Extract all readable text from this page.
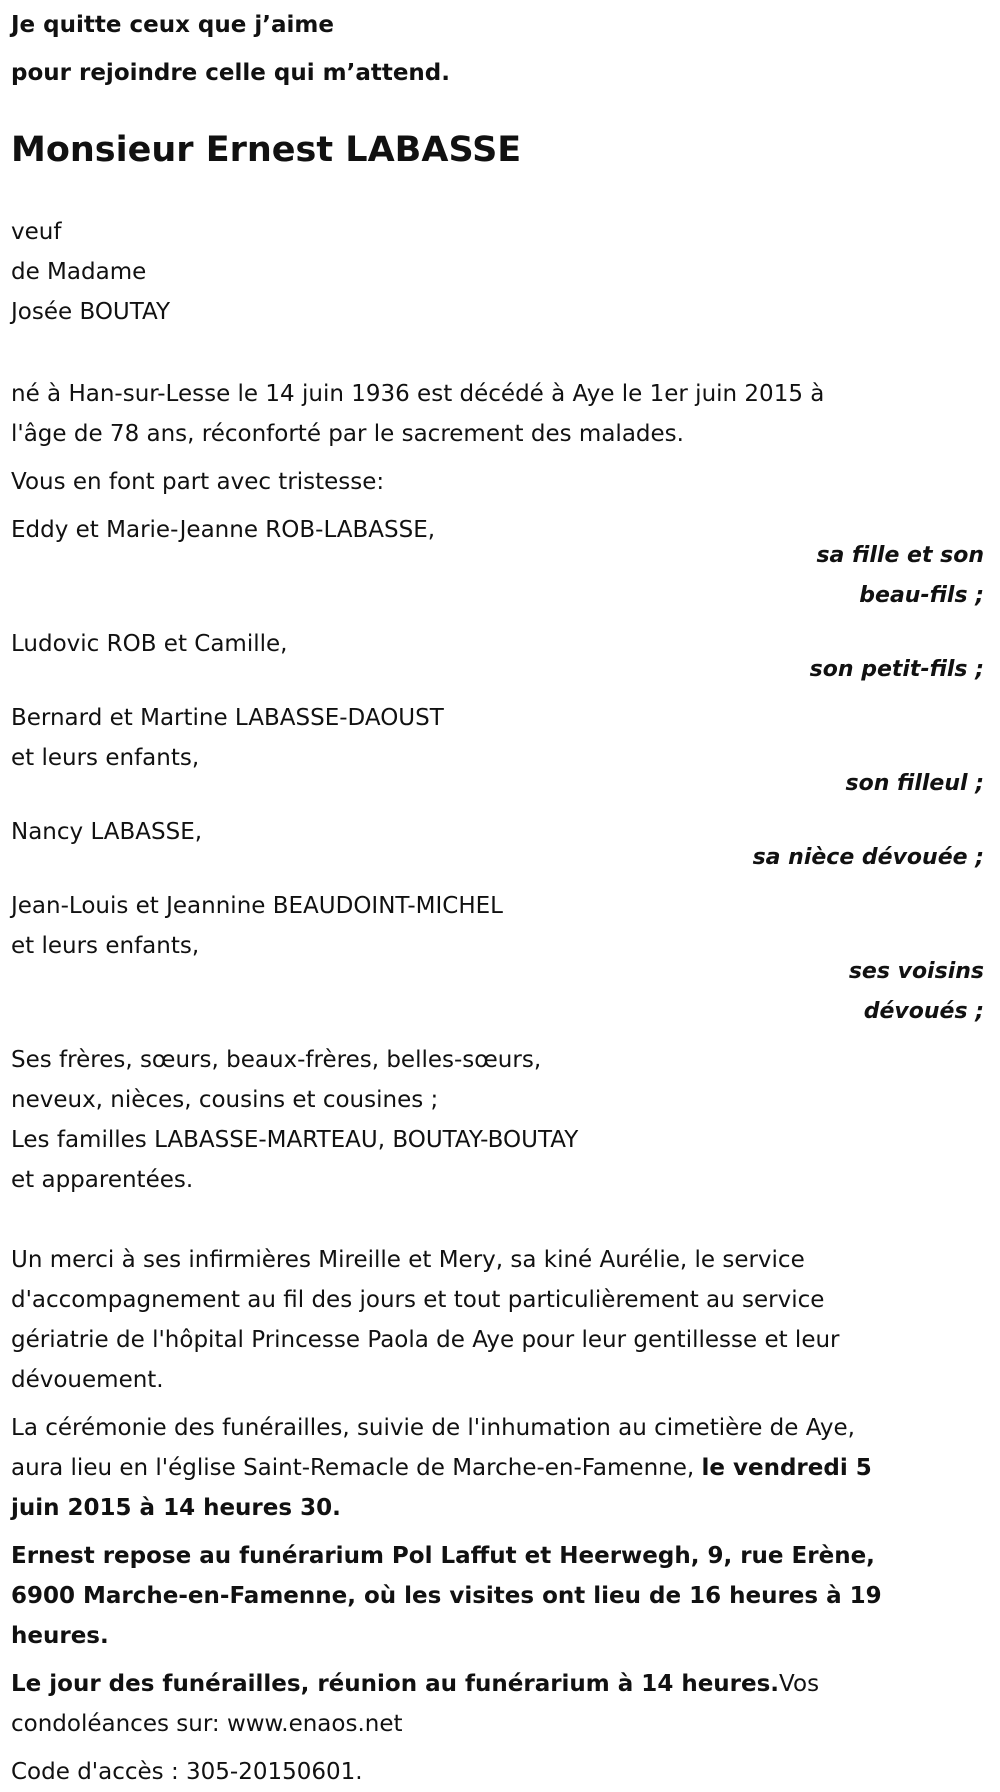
Je quitte ceux que j’aime
pour rejoindre celle qui m’attend.
Monsieur Ernest LABASSE
veuf
de Madame
Josée BOUTAY
né à Han-sur-Lesse le 14 juin 1936 est décédé à Aye le 1er juin 2015 à
l'âge de 78 ans, réconforté par le sacrement des malades.
Vous en font part avec tristesse:
Eddy et Marie-Jeanne ROB-LABASSE,
sa fille et son
beau-fils ;
Ludovic ROB et Camille,
son petit-fils ;
Bernard et Martine LABASSE-DAOUST
et leurs enfants,
son filleul ;
Nancy LABASSE,
sa nièce dévouée ;
Jean-Louis et Jeannine BEAUDOINT-MICHEL
et leurs enfants,
ses voisins
dévoués ;
Ses frères, sœurs, beaux-frères, belles-sœurs,
neveux, nièces, cousins et cousines ;
Les familles LABASSE-MARTEAU, BOUTAY-BOUTAY
et apparentées.
Un merci à ses infirmières Mireille et Mery, sa kiné Aurélie, le service
d'accompagnement au fil des jours et tout particulièrement au service
gériatrie de l'hôpital Princesse Paola de Aye pour leur gentillesse et leur
dévouement.
La cérémonie des funérailles, suivie de l'inhumation au cimetière de Aye,
aura lieu en l'église Saint-Remacle de Marche-en-Famenne, le vendredi 5
juin 2015 à 14 heures 30.
Ernest repose au funérarium Pol Laffut et Heerwegh, 9, rue Erène,
6900 Marche-en-Famenne, où les visites ont lieu de 16 heures à 19
heures.
Le jour des funérailles, réunion au funérarium à 14 heures.Vos
condoléances sur: www.enaos.net
Code d'accès : 305-20150601.
